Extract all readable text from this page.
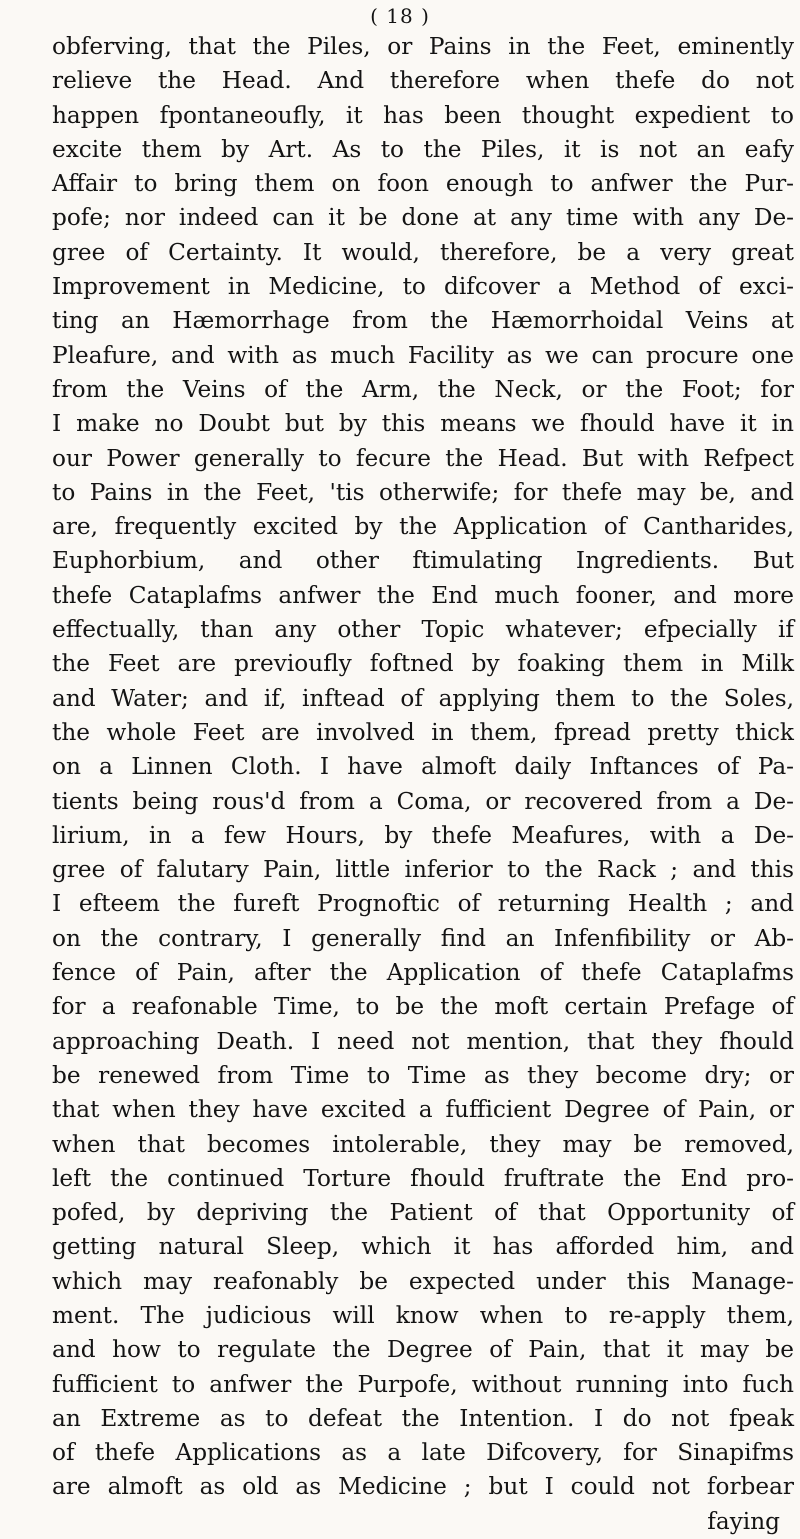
( 18 )
obferving, that the Piles, or Pains in the Feet, eminently
relieve the Head. And therefore when thefe do not
happen fpontaneoufly, it has been thought expedient to
excite them by Art. As to the Piles, it is not an eafy
Affair to bring them on foon enough to anfwer the Pur-
pofe; nor indeed can it be done at any time with any De-
gree of Certainty. It would, therefore, be a very great
Improvement in Medicine, to difcover a Method of exci-
ting an Hæmorrhage from the Hæmorrhoidal Veins at
Pleafure, and with as much Facility as we can procure one
from the Veins of the Arm, the Neck, or the Foot; for
I make no Doubt but by this means we fhould have it in
our Power generally to fecure the Head. But with Refpect
to Pains in the Feet, 'tis otherwife; for thefe may be, and
are, frequently excited by the Application of Cantharides,
Euphorbium, and other ftimulating Ingredients. But
thefe Cataplafms anfwer the End much fooner, and more
effectually, than any other Topic whatever; efpecially if
the Feet are previoufly foftned by foaking them in Milk
and Water; and if, inftead of applying them to the Soles,
the whole Feet are involved in them, fpread pretty thick
on a Linnen Cloth. I have almoft daily Inftances of Pa-
tients being rous'd from a Coma, or recovered from a De-
lirium, in a few Hours, by thefe Meafures, with a De-
gree of falutary Pain, little inferior to the Rack ; and this
I efteem the fureft Prognoftic of returning Health ; and
on the contrary, I generally find an Infenfibility or Ab-
fence of Pain, after the Application of thefe Cataplafms
for a reafonable Time, to be the moft certain Prefage of
approaching Death. I need not mention, that they fhould
be renewed from Time to Time as they become dry; or
that when they have excited a fufficient Degree of Pain, or
when that becomes intolerable, they may be removed,
left the continued Torture fhould fruftrate the End pro-
pofed, by depriving the Patient of that Opportunity of
getting natural Sleep, which it has afforded him, and
which may reafonably be expected under this Manage-
ment. The judicious will know when to re-apply them,
and how to regulate the Degree of Pain, that it may be
fufficient to anfwer the Purpofe, without running into fuch
an Extreme as to defeat the Intention. I do not fpeak
of thefe Applications as a late Difcovery, for Sinapifms
are almoft as old as Medicine ; but I could not forbear
faying
